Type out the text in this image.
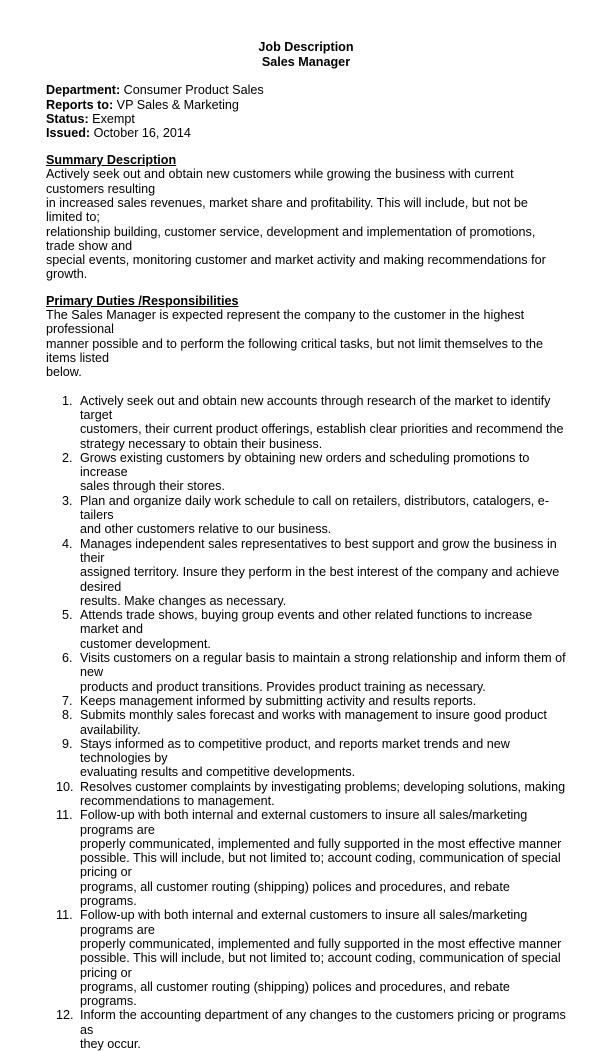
Job Description
Sales Manager
Department: Consumer Product Sales
Reports to: VP Sales & Marketing
Status: Exempt
Issued: October 16, 2014
Summary Description
Actively seek out and obtain new customers while growing the business with current customers resulting
in increased sales revenues, market share and profitability. This will include, but not be limited to;
relationship building, customer service, development and implementation of promotions, trade show and
special events, monitoring customer and market activity and making recommendations for growth.
Primary Duties /Responsibilities
The Sales Manager is expected represent the company to the customer in the highest professional
manner possible and to perform the following critical tasks, but not limit themselves to the items listed
below.
1. Actively seek out and obtain new accounts through research of the market to identify target
customers, their current product offerings, establish clear priorities and recommend the
strategy necessary to obtain their business.
2. Grows existing customers by obtaining new orders and scheduling promotions to increase
sales through their stores.
3. Plan and organize daily work schedule to call on retailers, distributors, catalogers, e-tailers
and other customers relative to our business.
4. Manages independent sales representatives to best support and grow the business in their
assigned territory. Insure they perform in the best interest of the company and achieve desired
results. Make changes as necessary.
5. Attends trade shows, buying group events and other related functions to increase market and
customer development.
6. Visits customers on a regular basis to maintain a strong relationship and inform them of new
products and product transitions. Provides product training as necessary.
7. Keeps management informed by submitting activity and results reports.
8. Submits monthly sales forecast and works with management to insure good product availability.
9. Stays informed as to competitive product, and reports market trends and new technologies by
evaluating results and competitive developments.
10. Resolves customer complaints by investigating problems; developing solutions, making
recommendations to management.
11. Follow-up with both internal and external customers to insure all sales/marketing programs are
properly communicated, implemented and fully supported in the most effective manner
possible. This will include, but not limited to; account coding, communication of special pricing or
programs, all customer routing (shipping) polices and procedures, and rebate programs.
11. Follow-up with both internal and external customers to insure all sales/marketing programs are
properly communicated, implemented and fully supported in the most effective manner
possible. This will include, but not limited to; account coding, communication of special pricing or
programs, all customer routing (shipping) polices and procedures, and rebate programs.
12. Inform the accounting department of any changes to the customers pricing or programs as
they occur.
